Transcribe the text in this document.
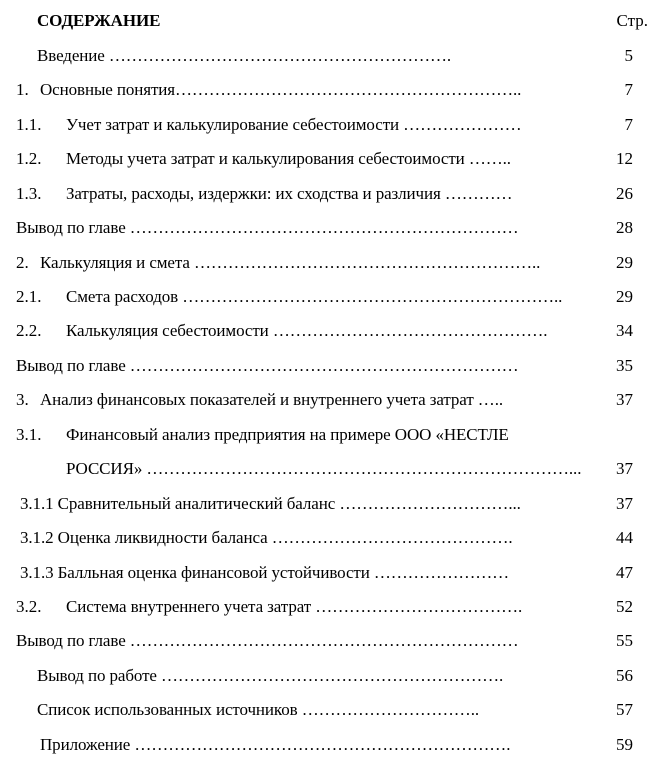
СОДЕРЖАНИЕ	Стр.
Введение …………………………………………………….	5
1. Основные понятия……………………………………………………..	7
1.1. Учет затрат и калькулирование себестоимости …………………	7
1.2. Методы учета затрат и калькулирования себестоимости ……..	12
1.3. Затраты, расходы, издержки: их сходства и различия …………	26
Вывод по главе ……………………………………………………………	28
2. Калькуляция и смета ……………………………………………………..	29
2.1. Смета расходов …………………………………………………………..	29
2.2. Калькуляция себестоимости ………………………………………….	34
Вывод по главе ……………………………………………………………	35
3. Анализ финансовых показателей и внутреннего учета затрат …..	37
3.1. Финансовый анализ предприятия на примере ООО «НЕСТЛЕ
РОССИЯ» …………………………………………………………………... 37
3.1.1 Сравнительный аналитический баланс …………………………...	37
3.1.2 Оценка ликвидности баланса …………………………………….	44
3.1.3 Балльная оценка финансовой устойчивости ……………………	47
3.2. Система внутреннего учета затрат ……………………………….	52
Вывод по главе ……………………………………………………………	55
Вывод по работе …………………………………………………….	56
Список использованных источников …………………………..	57
Приложение ………………………………………………………….	59
